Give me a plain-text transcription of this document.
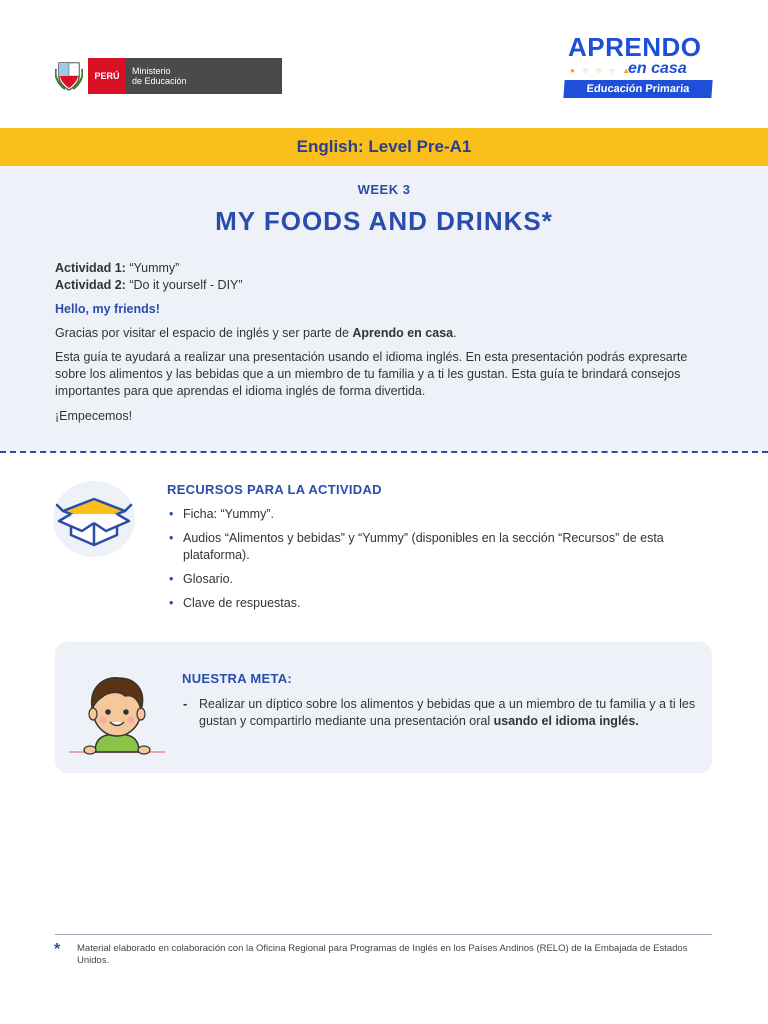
PERÚ	Ministerio
de Educación
APRENDO
● ○ ○ ○ ▲
en casa
Educación Primaria
English: Level Pre-A1
WEEK 3
MY FOODS AND DRINKS*
Actividad 1: “Yummy”
Actividad 2: “Do it yourself - DIY”
Hello, my friends!
Gracias por visitar el espacio de inglés y ser parte de Aprendo en casa.
Esta guía te ayudará a realizar una presentación usando el idioma inglés. En esta presentación podrás expresarte sobre los alimentos y las bebidas que a un miembro de tu familia y a ti les gustan. Esta guía te brindará consejos importantes para que aprendas el idioma inglés de forma divertida.
¡Empecemos!
RECURSOS PARA LA ACTIVIDAD
• Ficha: “Yummy”.
• Audios “Alimentos y bebidas” y “Yummy” (disponibles en la sección “Recursos” de esta plataforma).
• Glosario.
• Clave de respuestas.
NUESTRA META:
- Realizar un díptico sobre los alimentos y bebidas que a un miembro de tu familia y a ti les gustan y compartirlo mediante una presentación oral usando el idioma inglés.
* Material elaborado en colaboración con la Oficina Regional para Programas de Inglés en los Países Andinos (RELO) de la Embajada de Estados Unidos.
